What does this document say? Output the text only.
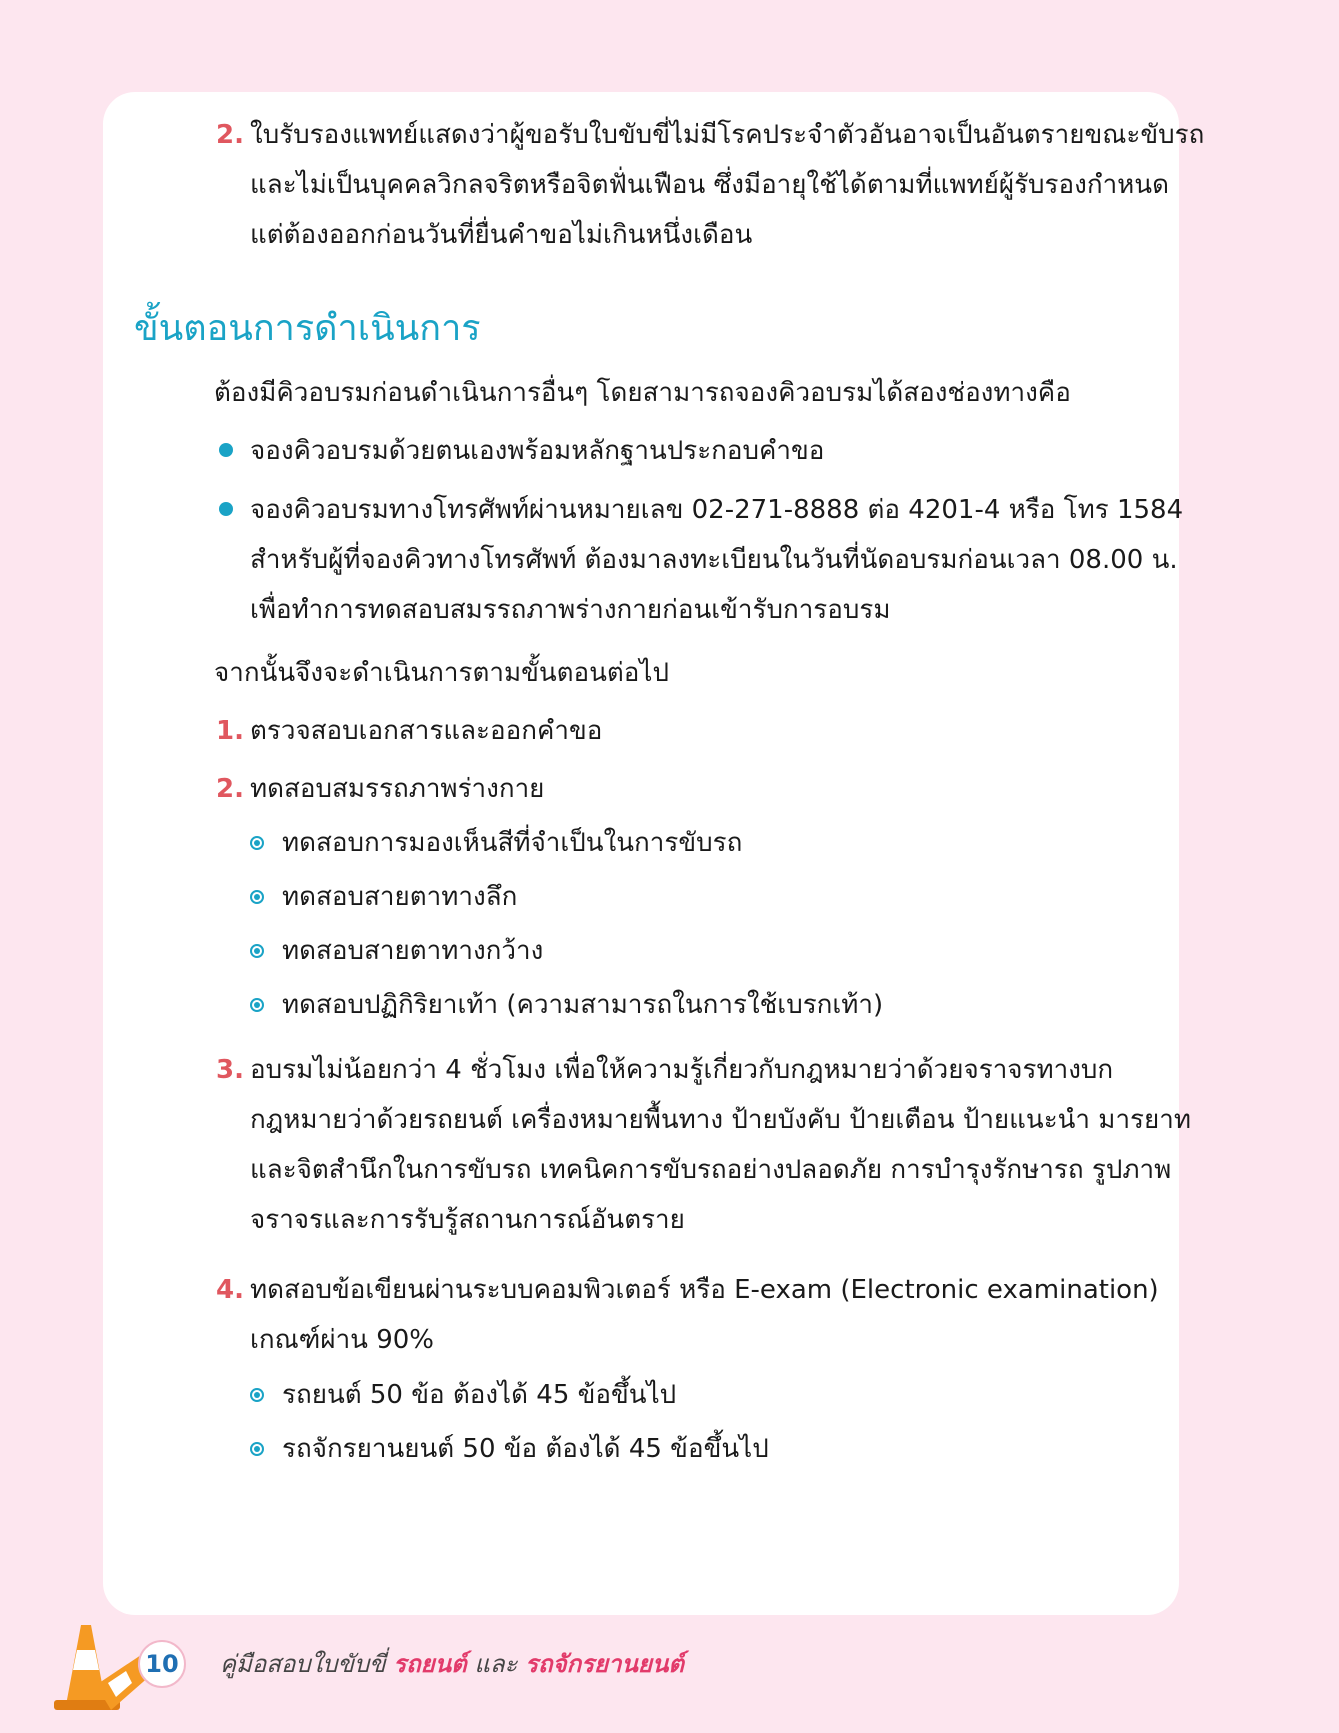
2. ใบรับรองแพทย์แสดงว่าผู้ขอรับใบขับขี่ไม่มีโรคประจำตัวอันอาจเป็นอันตรายขณะขับรถ
และไม่เป็นบุคคลวิกลจริตหรือจิตฟั่นเฟือน ซึ่งมีอายุใช้ได้ตามที่แพทย์ผู้รับรองกำหนด
แต่ต้องออกก่อนวันที่ยื่นคำขอไม่เกินหนึ่งเดือน
ขั้นตอนการดำเนินการ
ต้องมีคิวอบรมก่อนดำเนินการอื่นๆ โดยสามารถจองคิวอบรมได้สองช่องทางคือ
จองคิวอบรมด้วยตนเองพร้อมหลักฐานประกอบคำขอ
จองคิวอบรมทางโทรศัพท์ผ่านหมายเลข 02-271-8888 ต่อ 4201-4 หรือ โทร 1584
สำหรับผู้ที่จองคิวทางโทรศัพท์ ต้องมาลงทะเบียนในวันที่นัดอบรมก่อนเวลา 08.00 น.
เพื่อทำการทดสอบสมรรถภาพร่างกายก่อนเข้ารับการอบรม
จากนั้นจึงจะดำเนินการตามขั้นตอนต่อไป
1. ตรวจสอบเอกสารและออกคำขอ
2. ทดสอบสมรรถภาพร่างกาย
ทดสอบการมองเห็นสีที่จำเป็นในการขับรถ
ทดสอบสายตาทางลึก
ทดสอบสายตาทางกว้าง
ทดสอบปฏิกิริยาเท้า (ความสามารถในการใช้เบรกเท้า)
3. อบรมไม่น้อยกว่า 4 ชั่วโมง เพื่อให้ความรู้เกี่ยวกับกฎหมายว่าด้วยจราจรทางบก
กฎหมายว่าด้วยรถยนต์ เครื่องหมายพื้นทาง ป้ายบังคับ ป้ายเตือน ป้ายแนะนำ มารยาท
และจิตสำนึกในการขับรถ เทคนิคการขับรถอย่างปลอดภัย การบำรุงรักษารถ รูปภาพ
จราจรและการรับรู้สถานการณ์อันตราย
4. ทดสอบข้อเขียนผ่านระบบคอมพิวเตอร์ หรือ E-exam (Electronic examination)
เกณฑ์ผ่าน 90%
รถยนต์ 50 ข้อ ต้องได้ 45 ข้อขึ้นไป
รถจักรยานยนต์ 50 ข้อ ต้องได้ 45 ข้อขึ้นไป
10	คู่มือสอบใบขับขี่ รถยนต์ และ รถจักรยานยนต์
